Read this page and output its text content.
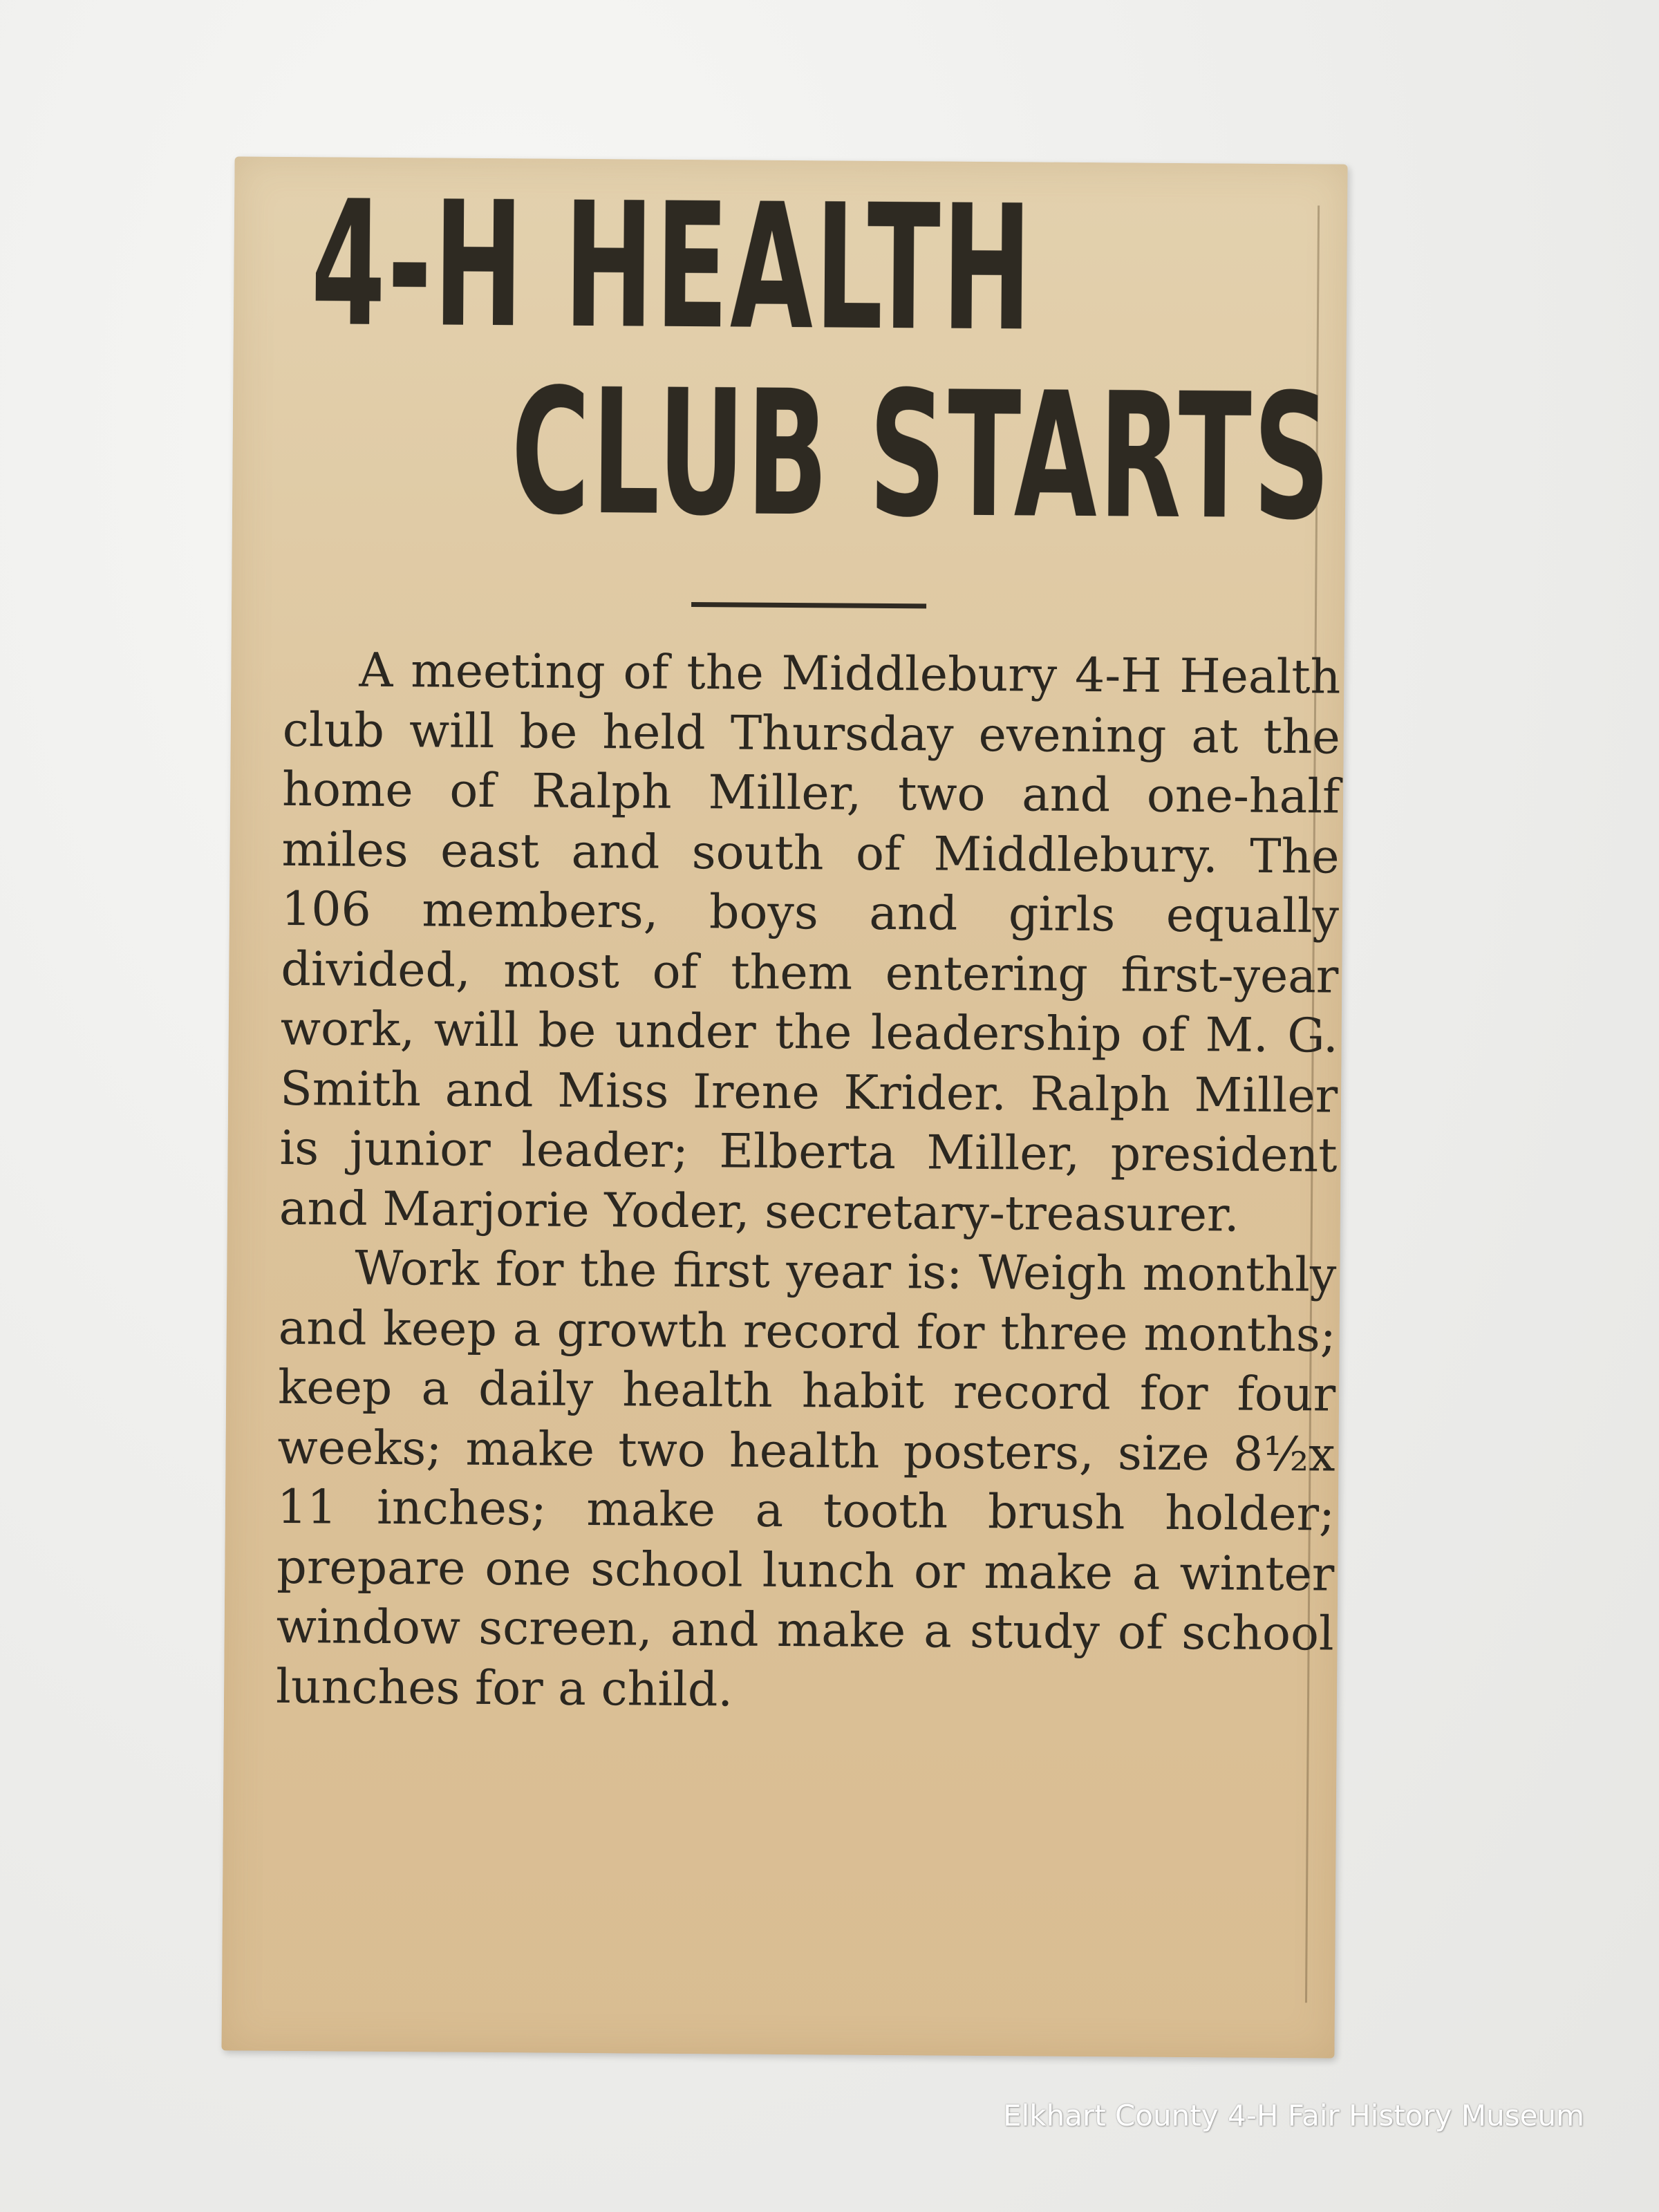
4-H HEALTH
CLUB STARTS

A meeting of the Middlebury 4-H Health club will be held Thursday evening at the home of Ralph Miller, two and one-half miles east and south of Middlebury. The 106 members, boys and girls equally divided, most of them entering first-year work, will be under the leadership of M. G. Smith and Miss Irene Krider. Ralph Miller is junior leader; Elberta Miller, president and Marjorie Yoder, secretary-treasurer.

Work for the first year is: Weigh monthly and keep a growth record for three months; keep a daily health habit record for four weeks; make two health posters, size 8½x 11 inches; make a tooth brush holder; prepare one school lunch or make a winter window screen, and make a study of school lunches for a child.

Elkhart County 4-H Fair History Museum
